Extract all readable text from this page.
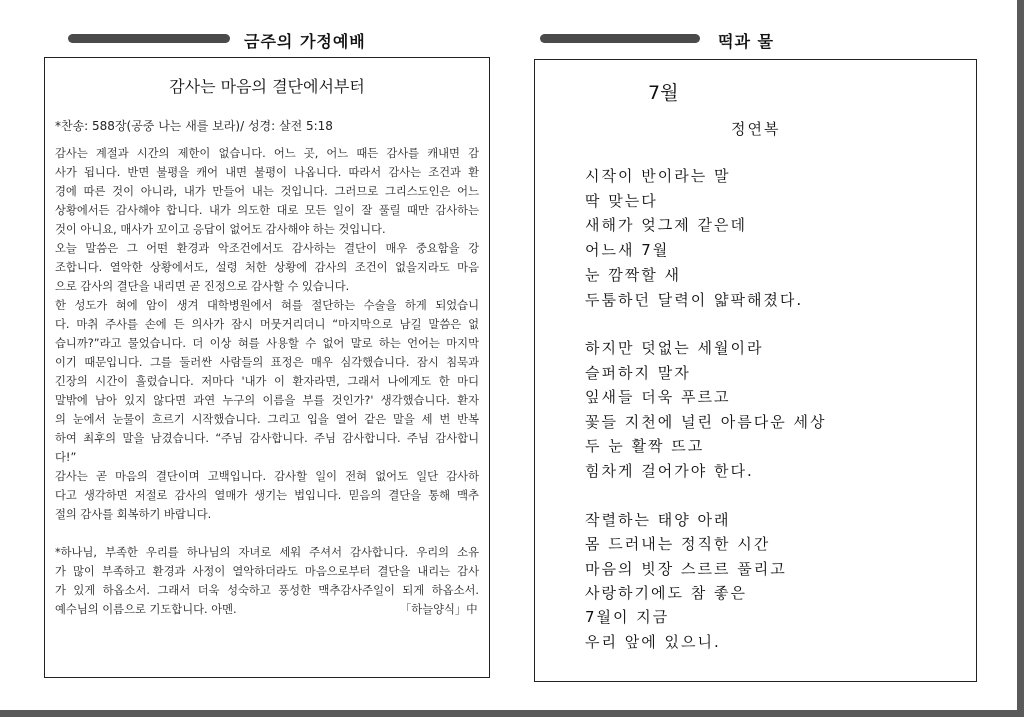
금주의 가정예배	떡과 물
감사는 마음의 결단에서부터
*찬송: 588장(공중 나는 새를 보라)/ 성경: 살전 5:18
감사는 계절과 시간의 제한이 없습니다. 어느 곳, 어느 때든 감사를 캐내면 감
사가 됩니다. 반면 불평을 캐어 내면 불평이 나옵니다. 따라서 감사는 조건과 환
경에 따른 것이 아니라, 내가 만들어 내는 것입니다. 그러므로 그리스도인은 어느
상황에서든 감사해야 합니다. 내가 의도한 대로 모든 일이 잘 풀릴 때만 감사하는
것이 아니요, 매사가 꼬이고 응답이 없어도 감사해야 하는 것입니다.
오늘 말씀은 그 어떤 환경과 악조건에서도 감사하는 결단이 매우 중요함을 강
조합니다. 열악한 상황에서도, 설령 처한 상황에 감사의 조건이 없을지라도 마음
으로 감사의 결단을 내리면 곧 진정으로 감사할 수 있습니다.
한 성도가 혀에 암이 생겨 대학병원에서 혀를 절단하는 수술을 하게 되었습니
다. 마취 주사를 손에 든 의사가 잠시 머뭇거리더니 “마지막으로 남길 말씀은 없
습니까?”라고 물었습니다. 더 이상 혀를 사용할 수 없어 말로 하는 언어는 마지막
이기 때문입니다. 그를 둘러싼 사람들의 표정은 매우 심각했습니다. 잠시 침묵과
긴장의 시간이 흘렀습니다. 저마다 '내가 이 환자라면, 그래서 나에게도 한 마디
말밖에 남아 있지 않다면 과연 누구의 이름을 부를 것인가?' 생각했습니다. 환자
의 눈에서 눈물이 흐르기 시작했습니다. 그리고 입을 열어 같은 말을 세 번 반복
하여 최후의 말을 남겼습니다. “주님 감사합니다. 주님 감사합니다. 주님 감사합니
다!”
감사는 곧 마음의 결단이며 고백입니다. 감사할 일이 전혀 없어도 일단 감사하
다고 생각하면 저절로 감사의 열매가 생기는 법입니다. 믿음의 결단을 통해 맥추
절의 감사를 회복하기 바랍니다.
*하나님, 부족한 우리를 하나님의 자녀로 세워 주셔서 감사합니다. 우리의 소유
가 많이 부족하고 환경과 사정이 열악하더라도 마음으로부터 결단을 내리는 감사
가 있게 하옵소서. 그래서 더욱 성숙하고 풍성한 맥추감사주일이 되게 하옵소서.
예수님의 이름으로 기도합니다. 아멘.	「하늘양식」中
7월
정연복
시작이 반이라는 말
딱 맞는다
새해가 엊그제 같은데
어느새 7월
눈 깜짝할 새
두툼하던 달력이 얇팍해졌다.
하지만 덧없는 세월이라
슬퍼하지 말자
잎새들 더욱 푸르고
꽃들 지천에 널린 아름다운 세상
두 눈 활짝 뜨고
힘차게 걸어가야 한다.
작렬하는 태양 아래
몸 드러내는 정직한 시간
마음의 빗장 스르르 풀리고
사랑하기에도 참 좋은
7월이 지금
우리 앞에 있으니.
